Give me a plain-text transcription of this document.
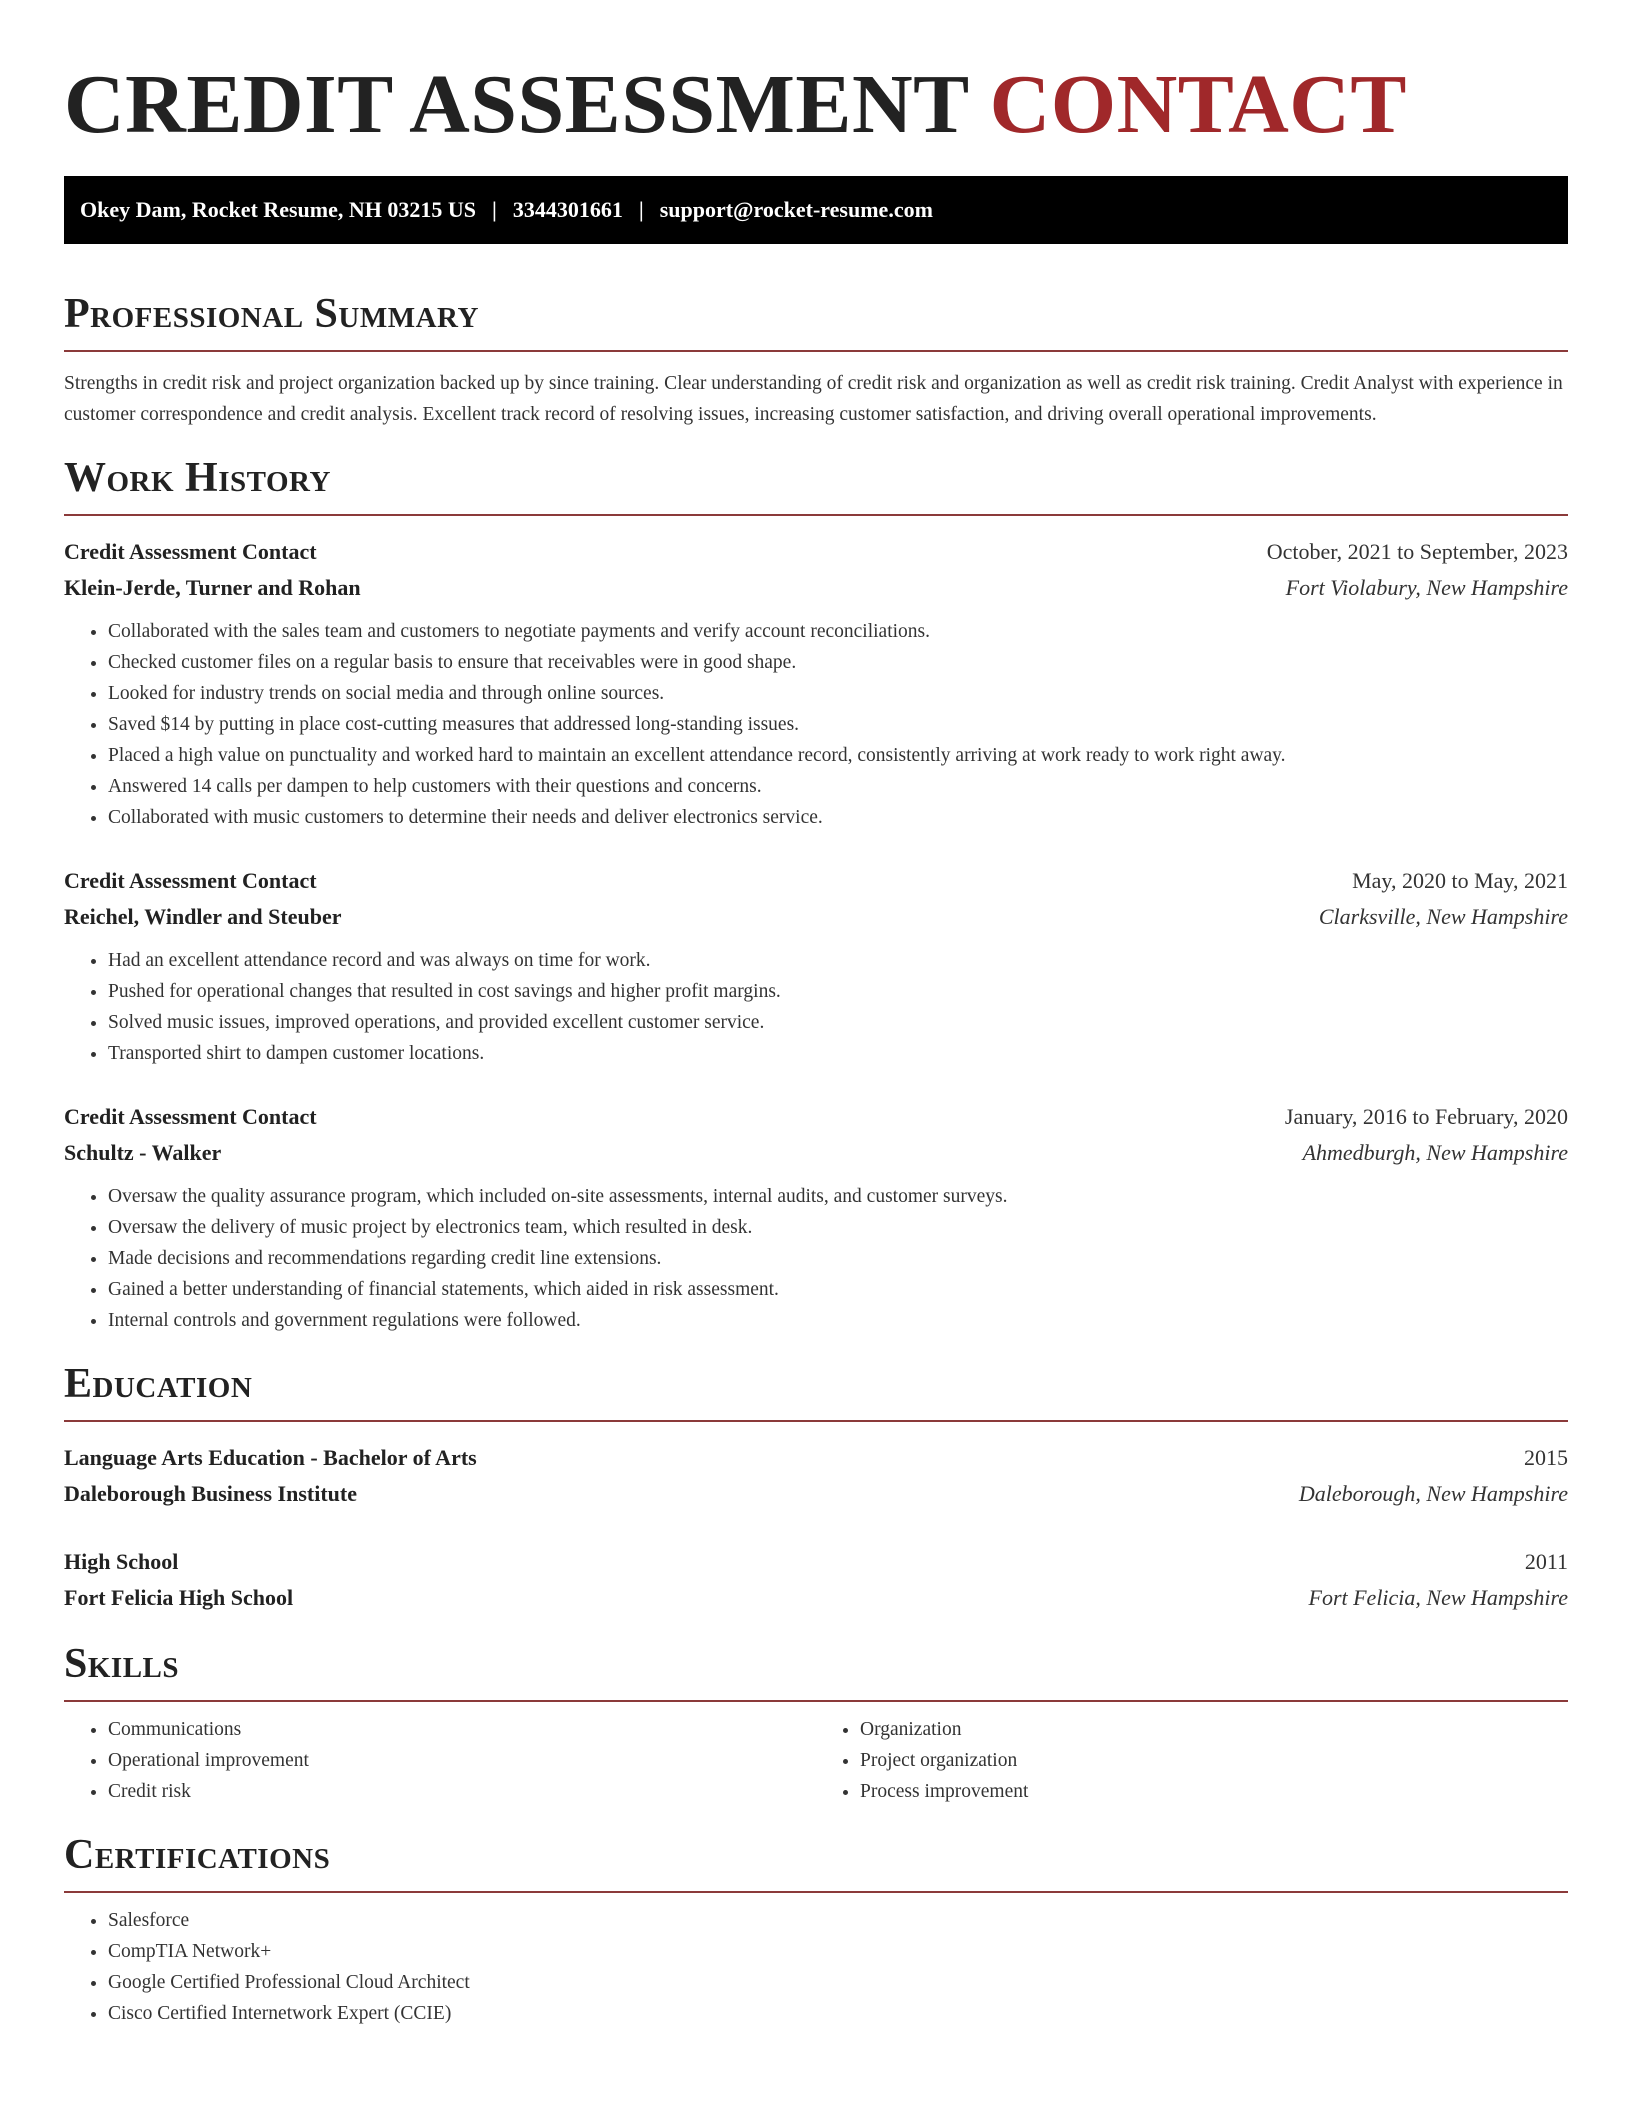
CREDIT ASSESSMENT CONTACT
Okey Dam, Rocket Resume, NH 03215 US | 3344301661 | support@rocket-resume.com
Professional Summary

Strengths in credit risk and project organization backed up by since training. Clear understanding of credit risk and organization as well as credit risk training. Credit Analyst with experience in customer correspondence and credit analysis. Excellent track record of resolving issues, increasing customer satisfaction, and driving overall operational improvements.

Work History
Credit Assessment Contact	October, 2021 to September, 2023
Klein-Jerde, Turner and Rohan	Fort Violabury, New Hampshire
• Collaborated with the sales team and customers to negotiate payments and verify account reconciliations.
• Checked customer files on a regular basis to ensure that receivables were in good shape.
• Looked for industry trends on social media and through online sources.
• Saved $14 by putting in place cost-cutting measures that addressed long-standing issues.
• Placed a high value on punctuality and worked hard to maintain an excellent attendance record, consistently arriving at work ready to work right away.
• Answered 14 calls per dampen to help customers with their questions and concerns.
• Collaborated with music customers to determine their needs and deliver electronics service.
Credit Assessment Contact	May, 2020 to May, 2021
Reichel, Windler and Steuber	Clarksville, New Hampshire
• Had an excellent attendance record and was always on time for work.
• Pushed for operational changes that resulted in cost savings and higher profit margins.
• Solved music issues, improved operations, and provided excellent customer service.
• Transported shirt to dampen customer locations.
Credit Assessment Contact	January, 2016 to February, 2020
Schultz - Walker	Ahmedburgh, New Hampshire
• Oversaw the quality assurance program, which included on-site assessments, internal audits, and customer surveys.
• Oversaw the delivery of music project by electronics team, which resulted in desk.
• Made decisions and recommendations regarding credit line extensions.
• Gained a better understanding of financial statements, which aided in risk assessment.
• Internal controls and government regulations were followed.
Education
Language Arts Education - Bachelor of Arts	2015
Daleborough Business Institute	Daleborough, New Hampshire
High School	2011
Fort Felicia High School	Fort Felicia, New Hampshire
Skills
• Communications
• Operational improvement
• Credit risk
• Organization
• Project organization
• Process improvement
Certifications
• Salesforce
• CompTIA Network+
• Google Certified Professional Cloud Architect
• Cisco Certified Internetwork Expert (CCIE)
